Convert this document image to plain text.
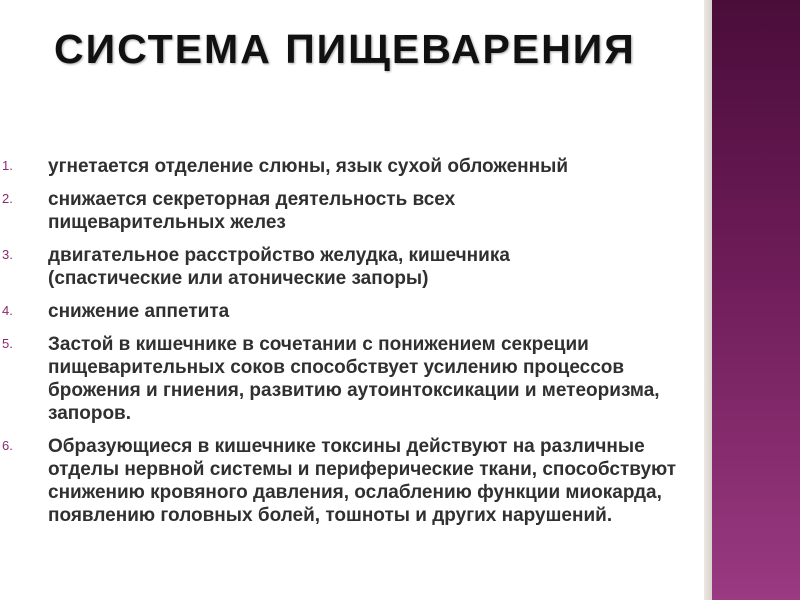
СИСТЕМА ПИЩЕВАРЕНИЯ
1. угнетается отделение слюны, язык сухой обложенный
2. снижается секреторная деятельность всех пищеварительных желез
3. двигательное расстройство желудка, кишечника (спастические или атонические запоры)
4. снижение аппетита
5. Застой в кишечнике в сочетании с понижением секреции пищеварительных соков способствует усилению процессов брожения и гниения, развитию аутоинтоксикации и метеоризма, запоров.
6. Образующиеся в кишечнике токсины действуют на различные отделы нервной системы и периферические ткани, способствуют снижению кровяного давления, ослаблению функции миокарда, появлению головных болей, тошноты и других нарушений.
